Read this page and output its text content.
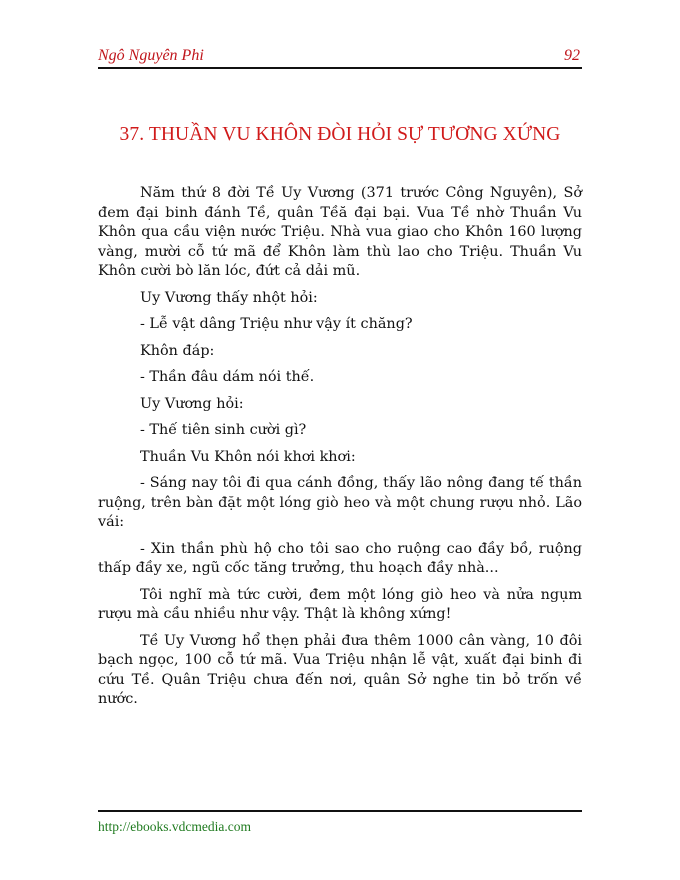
Ngô Nguyên Phi	92
37. THUẦN VU KHÔN ĐÒI HỎI SỰ TƯƠNG XỨNG

Năm thứ 8 đời Tề Uy Vương (371 trước Công Nguyên), Sở đem đại binh đánh Tề, quân Tềă đại bại. Vua Tề nhờ Thuần Vu Khôn qua cầu viện nước Triệu. Nhà vua giao cho Khôn 160 lượng vàng, mười cỗ tứ mã để Khôn làm thù lao cho Triệu. Thuần Vu Khôn cười bò lăn lóc, đứt cả dải mũ.

Uy Vương thấy nhột hỏi:

- Lễ vật dâng Triệu như vậy ít chăng?

Khôn đáp:

- Thần đâu dám nói thế.

Uy Vương hỏi:

- Thế tiên sinh cười gì?

Thuần Vu Khôn nói khơi khơi:

- Sáng nay tôi đi qua cánh đồng, thấy lão nông đang tế thần ruộng, trên bàn đặt một lóng giò heo và một chung rượu nhỏ. Lão vái:

- Xin thần phù hộ cho tôi sao cho ruộng cao đầy bồ, ruộng thấp đầy xe, ngũ cốc tăng trưởng, thu hoạch đầy nhà...

Tôi nghĩ mà tức cười, đem một lóng giò heo và nửa ngụm rượu mà cầu nhiều như vậy. Thật là không xứng!

Tề Uy Vương hổ thẹn phải đưa thêm 1000 cân vàng, 10 đôi bạch ngọc, 100 cỗ tứ mã. Vua Triệu nhận lễ vật, xuất đại binh đi cứu Tề. Quân Triệu chưa đến nơi, quân Sở nghe tin bỏ trốn về nước.

http://ebooks.vdcmedia.com
